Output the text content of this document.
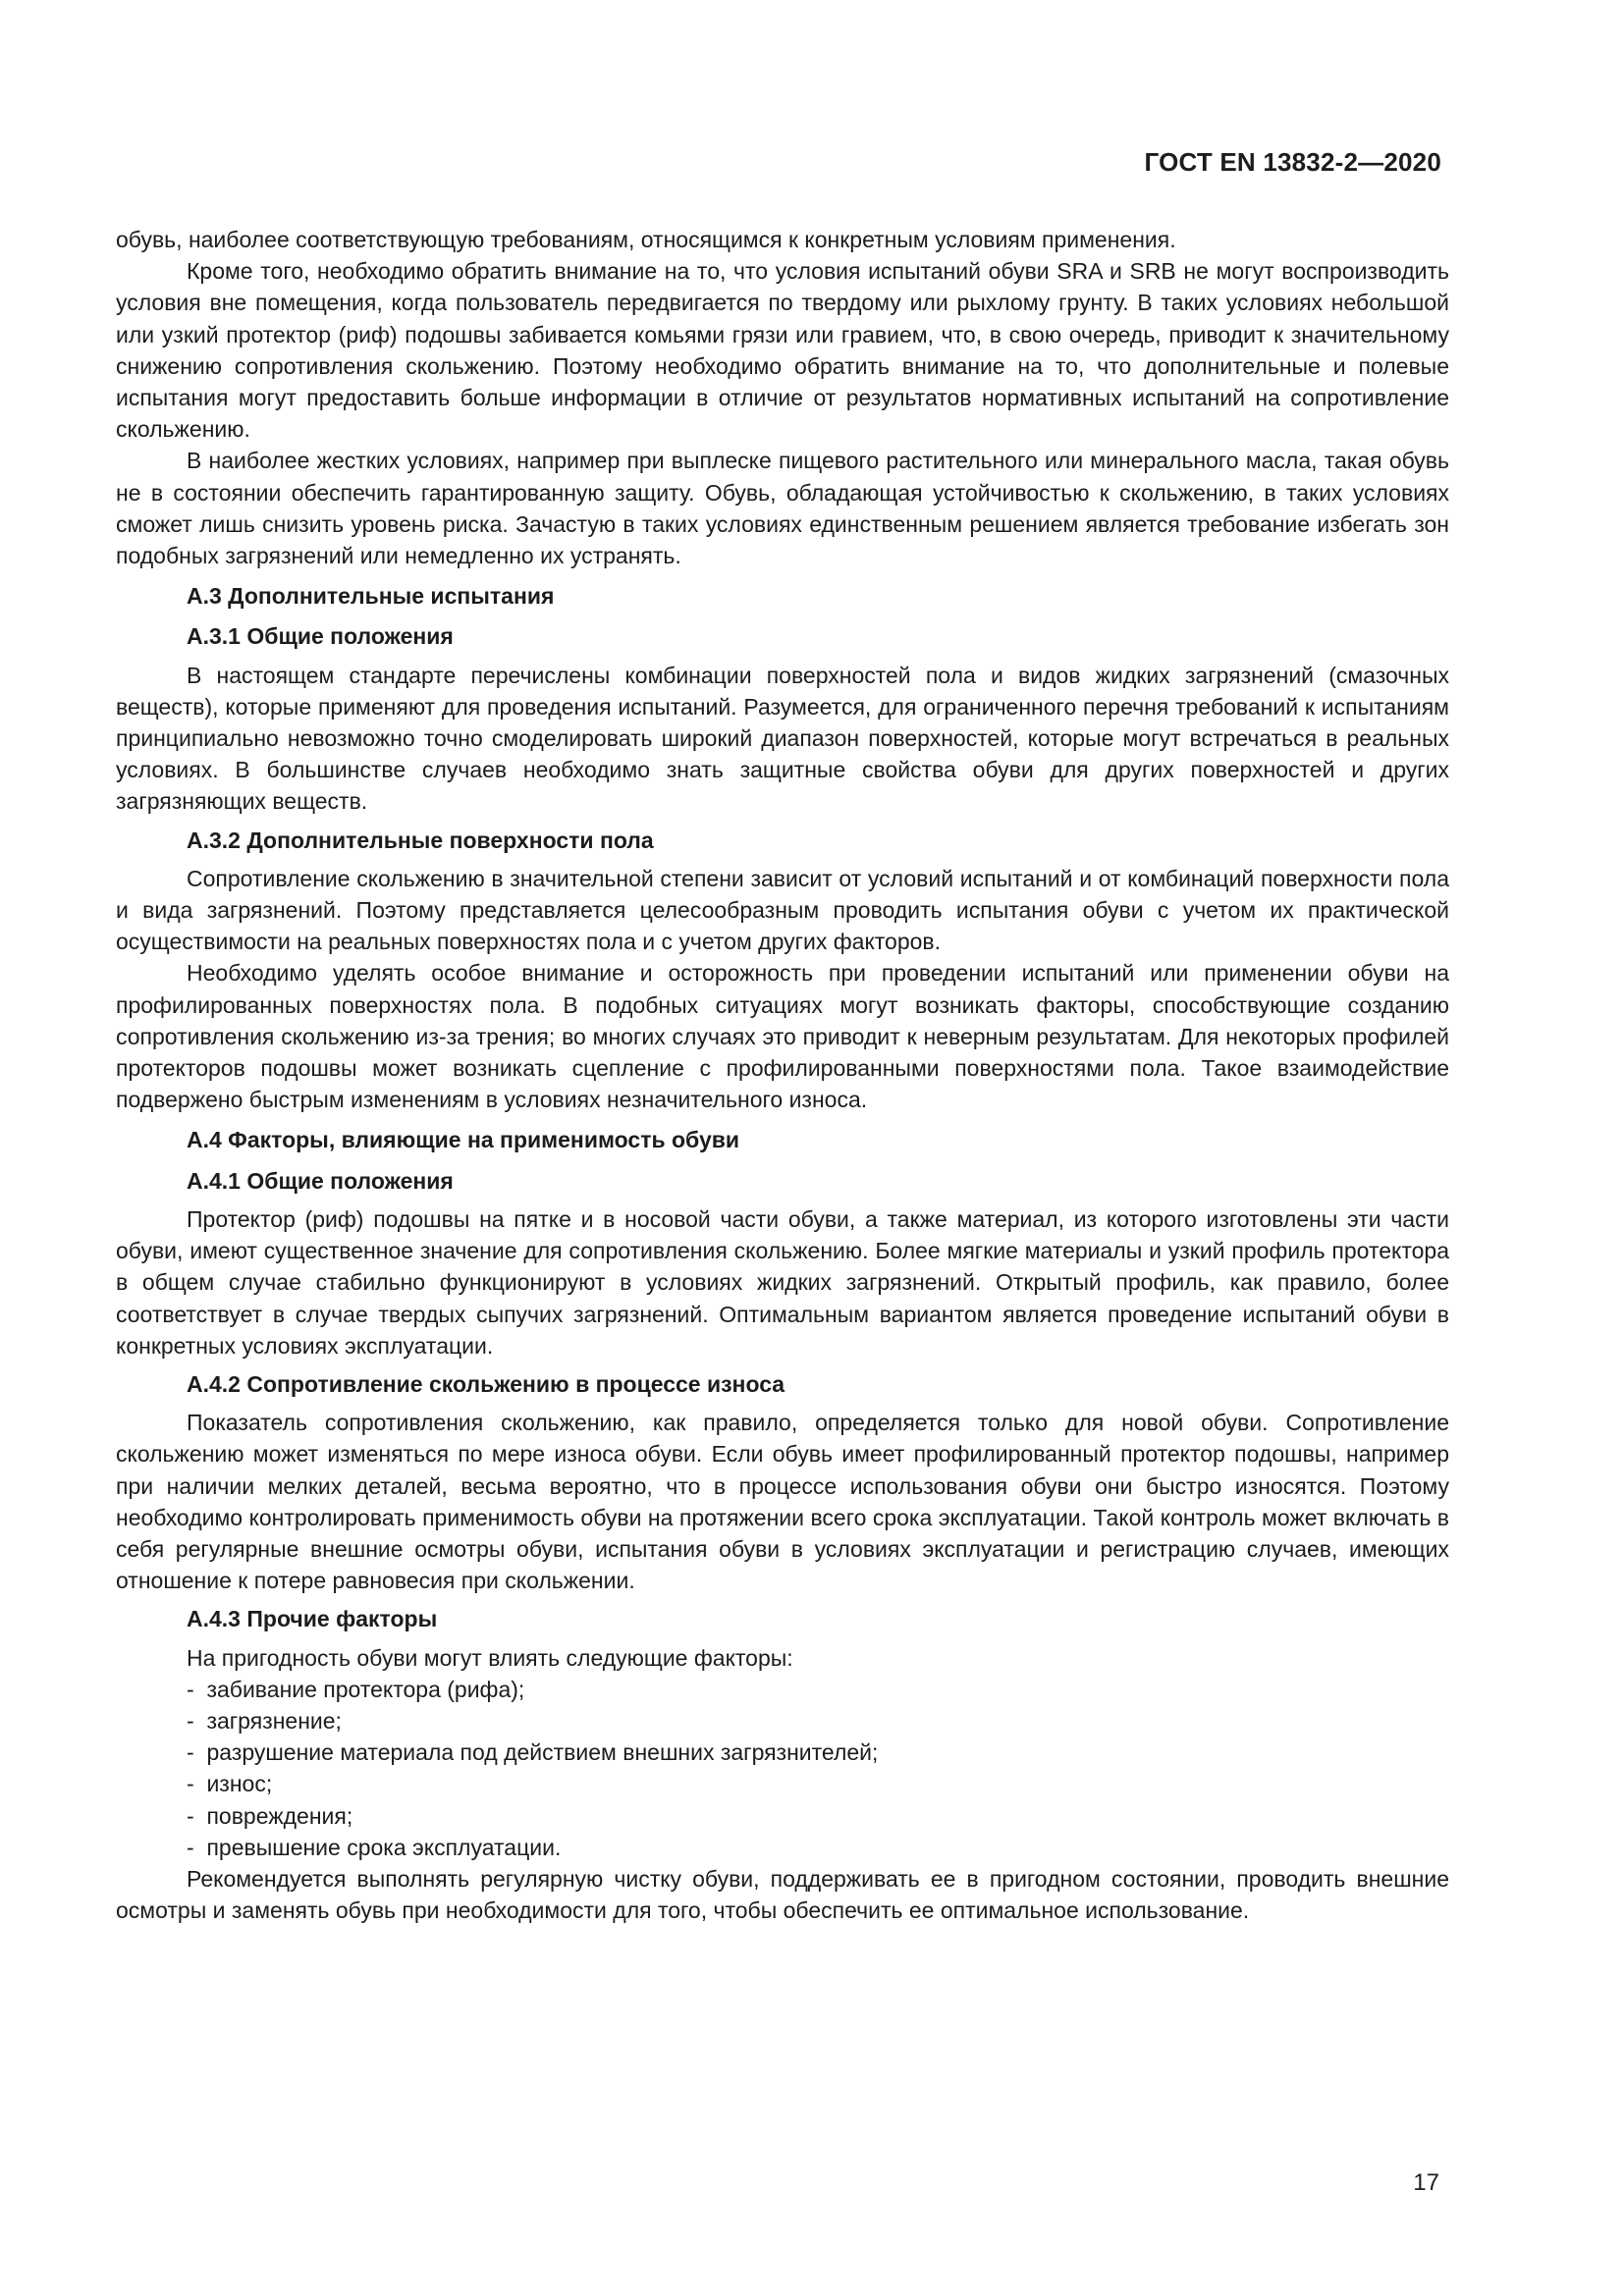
ГОСТ EN 13832-2—2020

обувь, наиболее соответствующую требованиям, относящимся к конкретным условиям применения.

Кроме того, необходимо обратить внимание на то, что условия испытаний обуви SRA и SRB не могут воспроизводить условия вне помещения, когда пользователь передвигается по твердому или рыхлому грунту. В таких условиях небольшой или узкий протектор (риф) подошвы забивается комьями грязи или гравием, что, в свою очередь, приводит к значительному снижению сопротивления скольжению. Поэтому необходимо обратить внимание на то, что дополнительные и полевые испытания могут предоставить больше информации в отличие от результатов нормативных испытаний на сопротивление скольжению.

В наиболее жестких условиях, например при выплеске пищевого растительного или минерального масла, такая обувь не в состоянии обеспечить гарантированную защиту. Обувь, обладающая устойчивостью к скольжению, в таких условиях сможет лишь снизить уровень риска. Зачастую в таких условиях единственным решением является требование избегать зон подобных загрязнений или немедленно их устранять.

А.3 Дополнительные испытания
А.3.1 Общие положения

В настоящем стандарте перечислены комбинации поверхностей пола и видов жидких загрязнений (смазочных веществ), которые применяют для проведения испытаний. Разумеется, для ограниченного перечня требований к испытаниям принципиально невозможно точно смоделировать широкий диапазон поверхностей, которые могут встречаться в реальных условиях. В большинстве случаев необходимо знать защитные свойства обуви для других поверхностей и других загрязняющих веществ.

А.3.2 Дополнительные поверхности пола

Сопротивление скольжению в значительной степени зависит от условий испытаний и от комбинаций поверхности пола и вида загрязнений. Поэтому представляется целесообразным проводить испытания обуви с учетом их практической осуществимости на реальных поверхностях пола и с учетом других факторов.

Необходимо уделять особое внимание и осторожность при проведении испытаний или применении обуви на профилированных поверхностях пола. В подобных ситуациях могут возникать факторы, способствующие созданию сопротивления скольжению из-за трения; во многих случаях это приводит к неверным результатам. Для некоторых профилей протекторов подошвы может возникать сцепление с профилированными поверхностями пола. Такое взаимодействие подвержено быстрым изменениям в условиях незначительного износа.

А.4 Факторы, влияющие на применимость обуви
А.4.1 Общие положения

Протектор (риф) подошвы на пятке и в носовой части обуви, а также материал, из которого изготовлены эти части обуви, имеют существенное значение для сопротивления скольжению. Более мягкие материалы и узкий профиль протектора в общем случае стабильно функционируют в условиях жидких загрязнений. Открытый профиль, как правило, более соответствует в случае твердых сыпучих загрязнений. Оптимальным вариантом является проведение испытаний обуви в конкретных условиях эксплуатации.

А.4.2 Сопротивление скольжению в процессе износа

Показатель сопротивления скольжению, как правило, определяется только для новой обуви. Сопротивление скольжению может изменяться по мере износа обуви. Если обувь имеет профилированный протектор подошвы, например при наличии мелких деталей, весьма вероятно, что в процессе использования обуви они быстро износятся. Поэтому необходимо контролировать применимость обуви на протяжении всего срока эксплуатации. Такой контроль может включать в себя регулярные внешние осмотры обуви, испытания обуви в условиях эксплуатации и регистрацию случаев, имеющих отношение к потере равновесия при скольжении.

А.4.3 Прочие факторы

На пригодность обуви могут влиять следующие факторы:

- забивание протектора (рифа);
- загрязнение;
- разрушение материала под действием внешних загрязнителей;
- износ;
- повреждения;
- превышение срока эксплуатации.

Рекомендуется выполнять регулярную чистку обуви, поддерживать ее в пригодном состоянии, проводить внешние осмотры и заменять обувь при необходимости для того, чтобы обеспечить ее оптимальное использование.

17
